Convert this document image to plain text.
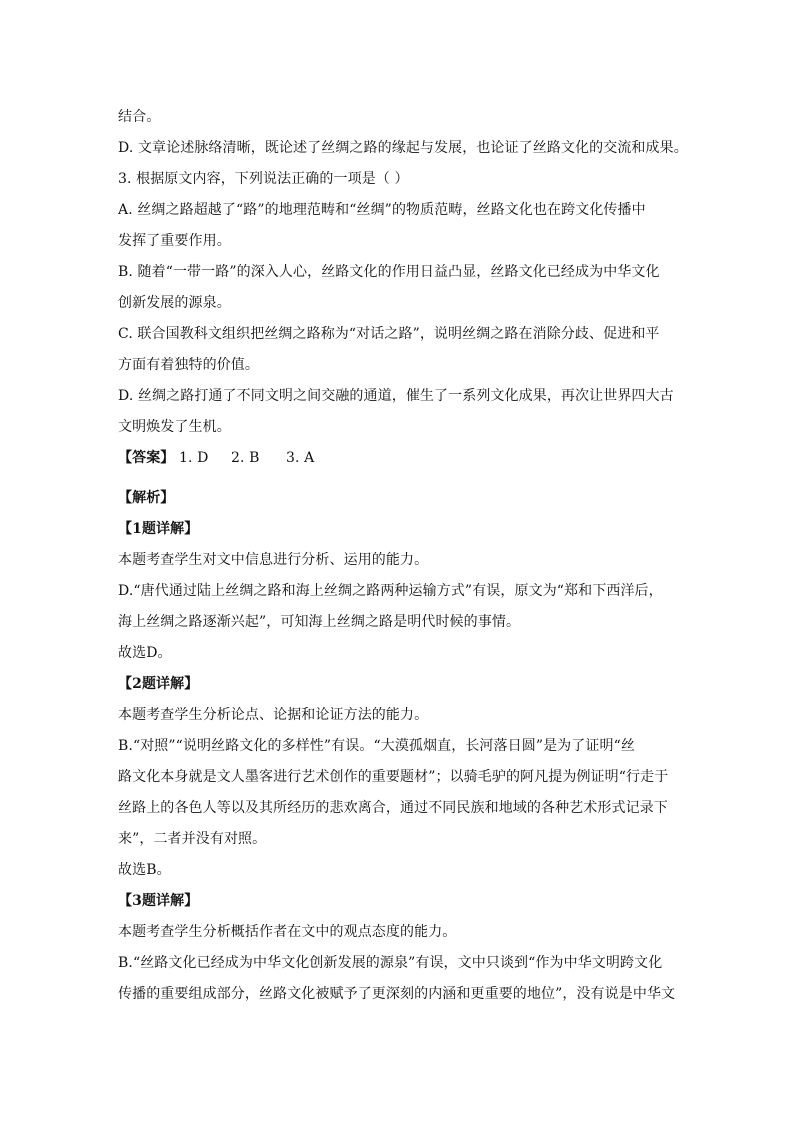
结合。
D. 文章论述脉络清晰，既论述了丝绸之路的缘起与发展，也论证了丝路文化的交流和成果。
3. 根据原文内容，下列说法正确的一项是（ ）
A. 丝绸之路超越了“路”的地理范畴和“丝绸”的物质范畴，丝路文化也在跨文化传播中
发挥了重要作用。
B. 随着“一带一路”的深入人心，丝路文化的作用日益凸显，丝路文化已经成为中华文化
创新发展的源泉。
C. 联合国教科文组织把丝绸之路称为“对话之路”，说明丝绸之路在消除分歧、促进和平
方面有着独特的价值。
D. 丝绸之路打通了不同文明之间交融的通道，催生了一系列文化成果，再次让世界四大古
文明焕发了生机。
【答案】 1. D 2. B 3. A
【解析】
【1题详解】
本题考查学生对文中信息进行分析、运用的能力。
D.“唐代通过陆上丝绸之路和海上丝绸之路两种运输方式”有误，原文为“郑和下西洋后，
海上丝绸之路逐渐兴起”，可知海上丝绸之路是明代时候的事情。
故选D。
【2题详解】
本题考查学生分析论点、论据和论证方法的能力。
B.“对照”“说明丝路文化的多样性”有误。“大漠孤烟直，长河落日圆”是为了证明“丝
路文化本身就是文人墨客进行艺术创作的重要题材”；以骑毛驴的阿凡提为例证明“行走于
丝路上的各色人等以及其所经历的悲欢离合，通过不同民族和地域的各种艺术形式记录下
来”，二者并没有对照。
故选B。
【3题详解】
本题考查学生分析概括作者在文中的观点态度的能力。
B.“丝路文化已经成为中华文化创新发展的源泉”有误，文中只谈到“作为中华文明跨文化
传播的重要组成部分，丝路文化被赋予了更深刻的内涵和更重要的地位”，没有说是中华文
